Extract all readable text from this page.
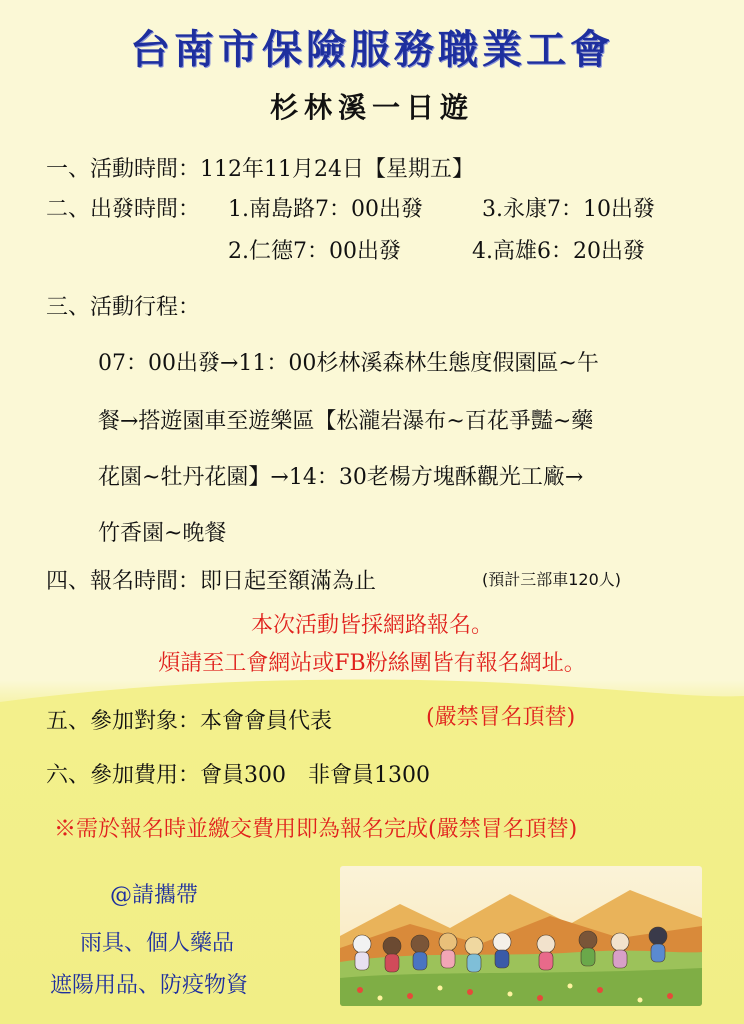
台南市保險服務職業工會
杉林溪一日遊
一、活動時間：112年11月24日【星期五】
二、出發時間： 1.南島路7：00出發	3.永康7：10出發
2.仁德7：00出發	4.高雄6：20出發
三、活動行程：
07：00出發→11：00杉林溪森林生態度假園區~午
餐→搭遊園車至遊樂區【松瀧岩瀑布~百花爭豔~藥
花園~牡丹花園】→14：30老楊方塊酥觀光工廠→
竹香園~晚餐
四、報名時間：即日起至額滿為止	(預計三部車120人)
本次活動皆採網路報名。
煩請至工會網站或FB粉絲團皆有報名網址。
五、參加對象：本會會員代表	(嚴禁冒名頂替)
六、參加費用：會員300　非會員1300
※需於報名時並繳交費用即為報名完成(嚴禁冒名頂替)
@請攜帶
雨具、個人藥品
遮陽用品、防疫物資
